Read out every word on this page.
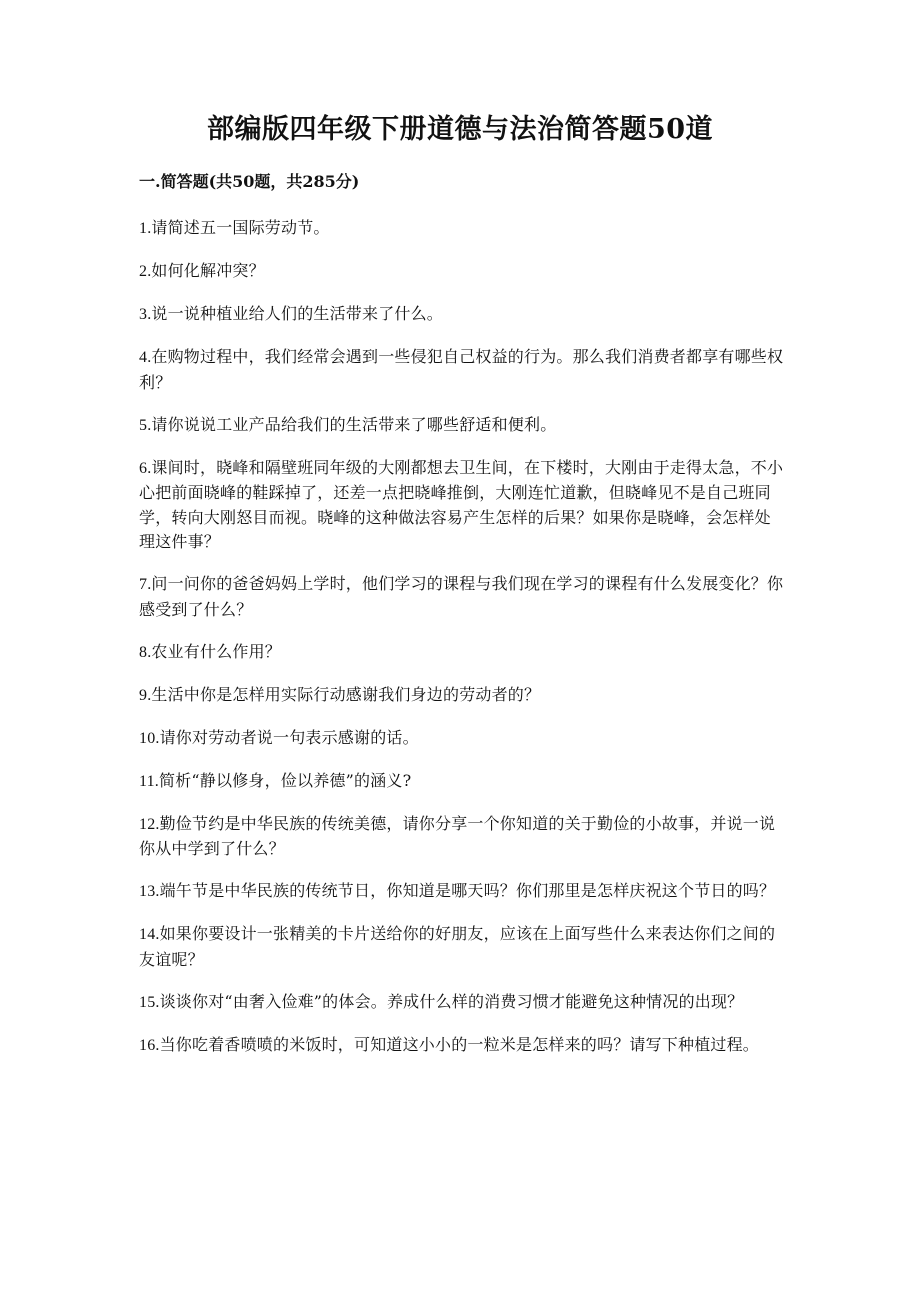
部编版四年级下册道德与法治简答题50道
一.简答题(共50题，共285分)
1.请简述五一国际劳动节。
2.如何化解冲突？
3.说一说种植业给人们的生活带来了什么。
4.在购物过程中，我们经常会遇到一些侵犯自己权益的行为。那么我们消费者都享有哪些权利？
5.请你说说工业产品给我们的生活带来了哪些舒适和便利。
6.课间时，晓峰和隔壁班同年级的大刚都想去卫生间，在下楼时，大刚由于走得太急，不小心把前面晓峰的鞋踩掉了，还差一点把晓峰推倒，大刚连忙道歉，但晓峰见不是自己班同学，转向大刚怒目而视。晓峰的这种做法容易产生怎样的后果？如果你是晓峰，会怎样处理这件事？
7.问一问你的爸爸妈妈上学时，他们学习的课程与我们现在学习的课程有什么发展变化？你感受到了什么？
8.农业有什么作用？
9.生活中你是怎样用实际行动感谢我们身边的劳动者的？
10.请你对劳动者说一句表示感谢的话。
11.简析“静以修身，俭以养德”的涵义?
12.勤俭节约是中华民族的传统美德，请你分享一个你知道的关于勤俭的小故事，并说一说你从中学到了什么？
13.端午节是中华民族的传统节日，你知道是哪天吗？你们那里是怎样庆祝这个节日的吗？
14.如果你要设计一张精美的卡片送给你的好朋友，应该在上面写些什么来表达你们之间的友谊呢？
15.谈谈你对“由奢入俭难”的体会。养成什么样的消费习惯才能避免这种情况的出现？
16.当你吃着香喷喷的米饭时，可知道这小小的一粒米是怎样来的吗？请写下种植过程。
